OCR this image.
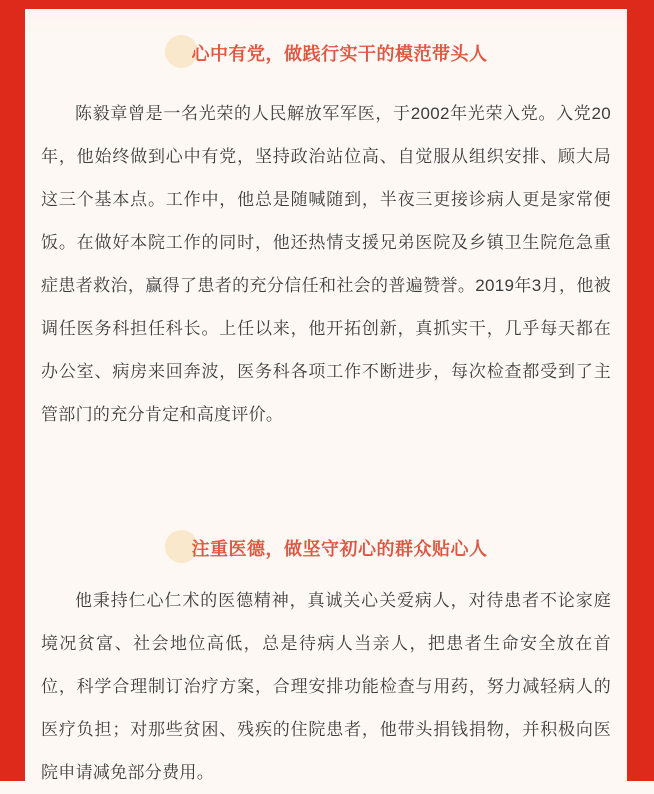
心中有党，做践行实干的模范带头人

陈毅章曾是一名光荣的人民解放军军医，于2002年光荣入党。入党20年，他始终做到心中有党，坚持政治站位高、自觉服从组织安排、顾大局这三个基本点。工作中，他总是随喊随到，半夜三更接诊病人更是家常便饭。在做好本院工作的同时，他还热情支援兄弟医院及乡镇卫生院危急重症患者救治，赢得了患者的充分信任和社会的普遍赞誉。2019年3月，他被调任医务科担任科长。上任以来，他开拓创新，真抓实干，几乎每天都在办公室、病房来回奔波，医务科各项工作不断进步，每次检查都受到了主管部门的充分肯定和高度评价。

注重医德，做坚守初心的群众贴心人

他秉持仁心仁术的医德精神，真诚关心关爱病人，对待患者不论家庭境况贫富、社会地位高低，总是待病人当亲人，把患者生命安全放在首位，科学合理制订治疗方案，合理安排功能检查与用药，努力减轻病人的医疗负担；对那些贫困、残疾的住院患者，他带头捐钱捐物，并积极向医院申请减免部分费用。
